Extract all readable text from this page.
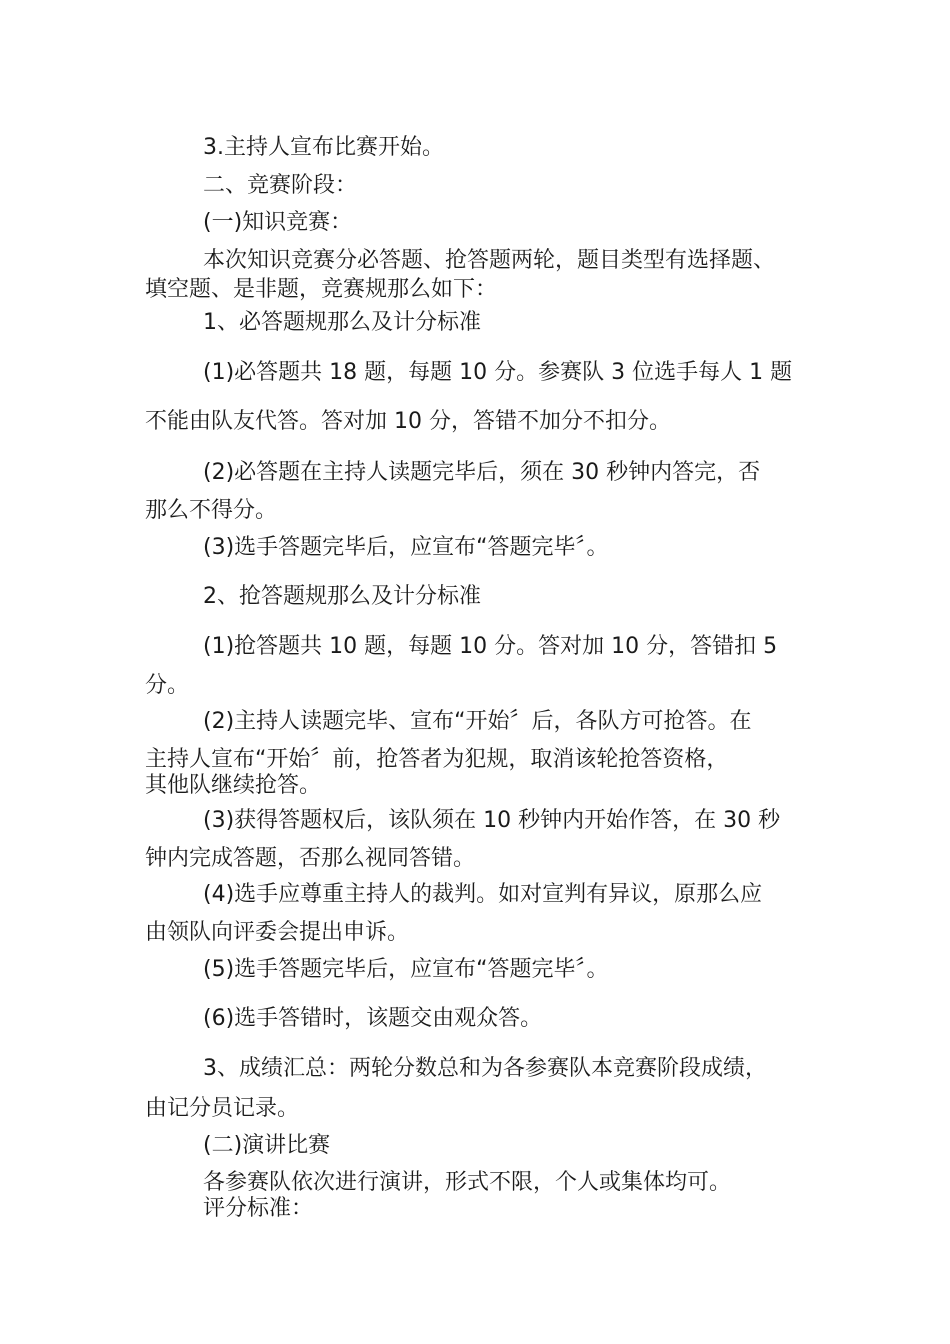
3.主持人宣布比赛开始。

二、竞赛阶段：

(一)知识竞赛：

本次知识竞赛分必答题、抢答题两轮，题目类型有选择题、

填空题、是非题，竞赛规那么如下：

1、必答题规那么及计分标准

(1)必答题共 18 题，每题 10 分。参赛队 3 位选手每人 1 题

不能由队友代答。答对加 10 分，答错不加分不扣分。

(2)必答题在主持人读题完毕后，须在 30 秒钟内答完，否

那么不得分。

(3)选手答题完毕后，应宣布“答题完毕〞。

2、抢答题规那么及计分标准

(1)抢答题共 10 题，每题 10 分。答对加 10 分，答错扣 5

分。

(2)主持人读题完毕、宣布“开始〞后，各队方可抢答。在

主持人宣布“开始〞前，抢答者为犯规，取消该轮抢答资格，

其他队继续抢答。

(3)获得答题权后，该队须在 10 秒钟内开始作答，在 30 秒

钟内完成答题，否那么视同答错。

(4)选手应尊重主持人的裁判。如对宣判有异议，原那么应

由领队向评委会提出申诉。

(5)选手答题完毕后，应宣布“答题完毕〞。

(6)选手答错时，该题交由观众答。

3、成绩汇总：两轮分数总和为各参赛队本竞赛阶段成绩，

由记分员记录。

(二)演讲比赛

各参赛队依次进行演讲，形式不限，个人或集体均可。

评分标准：
